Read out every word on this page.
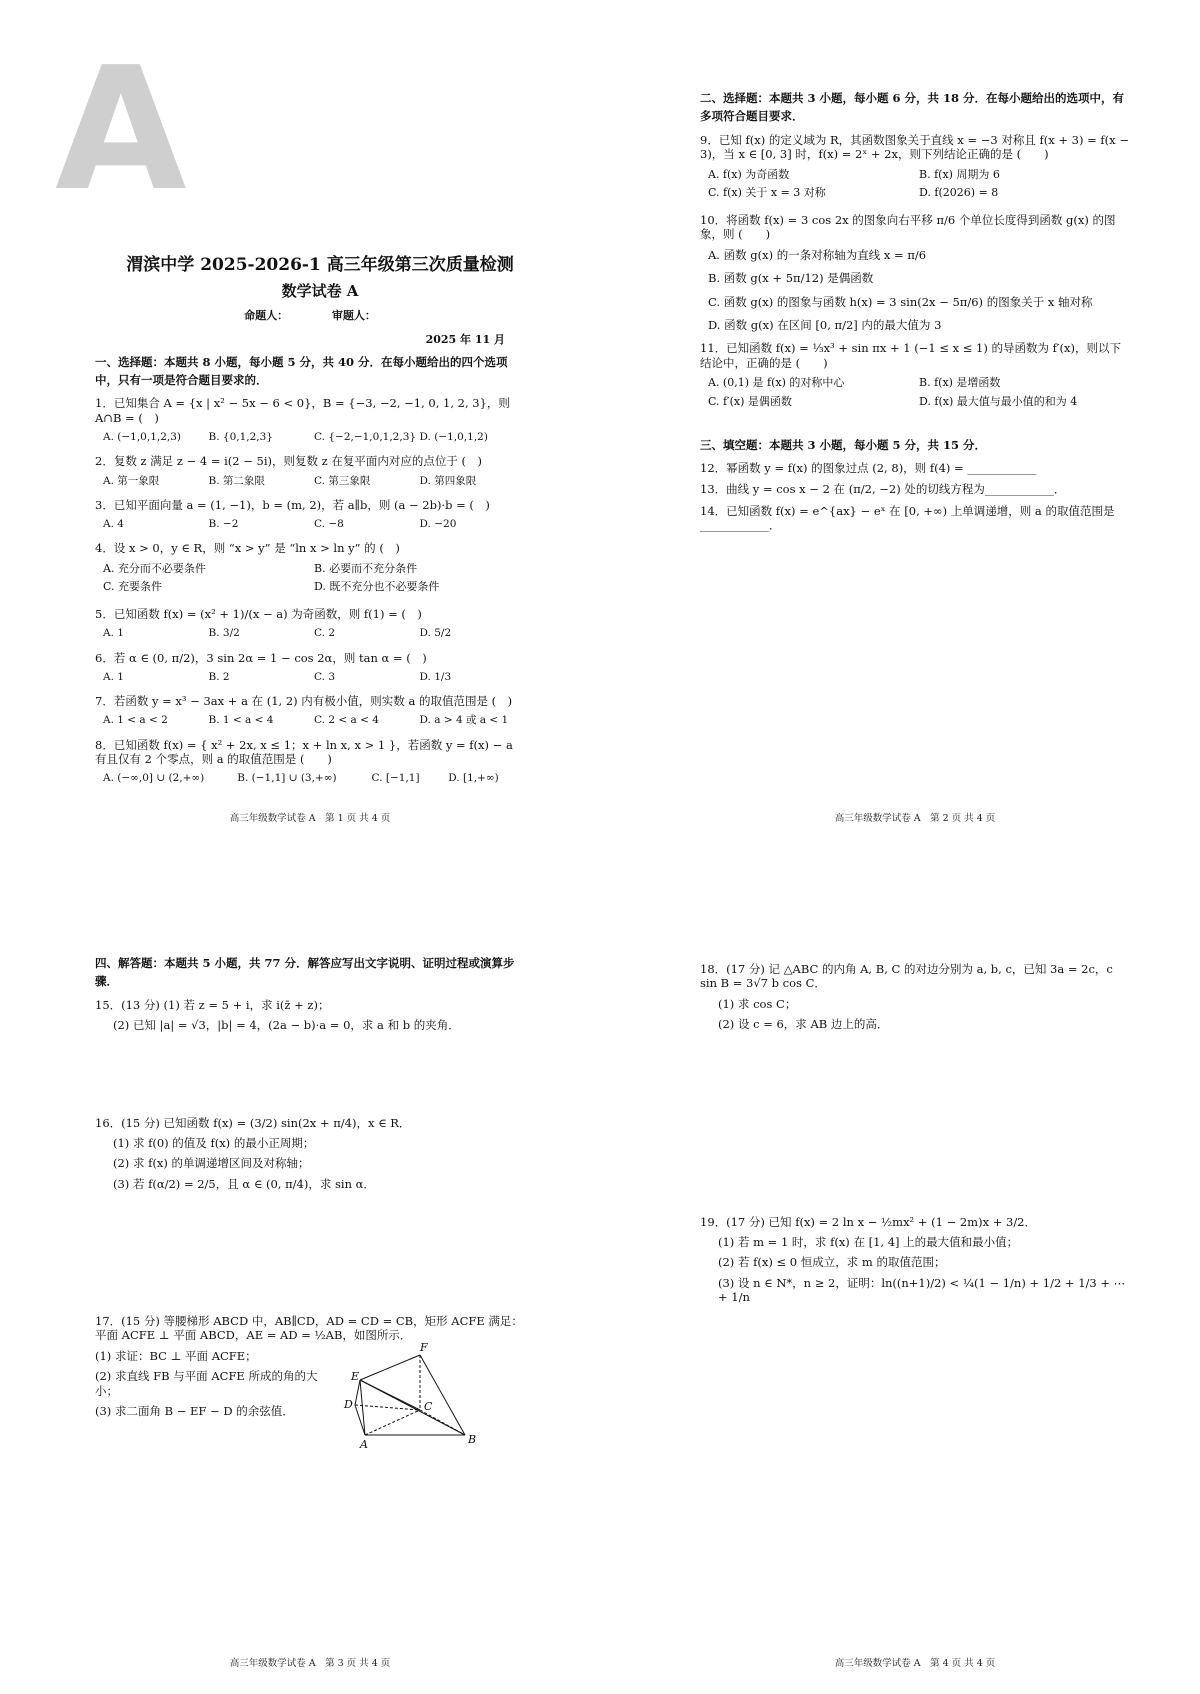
A
渭滨中学 2025-2026-1 高三年级第三次质量检测
数学试卷 A
命题人： 审题人：
2025 年 11 月
一、选择题：本题共 8 小题，每小题 5 分，共 40 分．在每小题给出的四个选项中，只有一项是符合题目要求的．
1．已知集合 A = {x | x² − 5x − 6 < 0}，B = {−3, −2, −1, 0, 1, 2, 3}，则 A∩B = (　)
A. (−1,0,1,2,3)	B. {0,1,2,3}	C. {−2,−1,0,1,2,3} D. (−1,0,1,2)
2．复数 z 满足 z − 4 = i(2 − 5i)，则复数 z 在复平面内对应的点位于 (　)
A. 第一象限	B. 第二象限	C. 第三象限	D. 第四象限
3．已知平面向量 a = (1, −1)，b = (m, 2)，若 a∥b，则 (a − 2b)·b = (　)
A. 4	B. −2	C. −8	D. −20
4．设 x > 0，y ∈ R，则 “x > y” 是 “ln x > ln y” 的 (　)
A. 充分而不必要条件	B. 必要而不充分条件
C. 充要条件	D. 既不充分也不必要条件
5．已知函数 f(x) = (x² + 1)/(x − a) 为奇函数，则 f(1) = (　)
A. 1	B. 3/2	C. 2	D. 5/2
6．若 α ∈ (0, π/2)，3 sin 2α = 1 − cos 2α，则 tan α = (　)
A. 1	B. 2	C. 3	D. 1/3
7．若函数 y = x³ − 3ax + a 在 (1, 2) 内有极小值，则实数 a 的取值范围是 (　)
A. 1 < a < 2	B. 1 < a < 4	C. 2 < a < 4	D. a > 4 或 a < 1
8．已知函数 f(x) = { x² + 2x, x ≤ 1；x + ln x, x > 1 }，若函数 y = f(x) − a 有且仅有 2 个零点，则 a 的取值范围是 (　　)
A. (−∞,0] ∪ (2,+∞)	B. (−1,1] ∪ (3,+∞)	C. [−1,1]	D. [1,+∞)
高三年级数学试卷 A　第 1 页 共 4 页
二、选择题：本题共 3 小题，每小题 6 分，共 18 分．在每小题给出的选项中，有多项符合题目要求．
9．已知 f(x) 的定义域为 R，其函数图象关于直线 x = −3 对称且 f(x + 3) = f(x − 3)，当 x ∈ [0, 3] 时，f(x) = 2ˣ + 2x，则下列结论正确的是 (　　)
A. f(x) 为奇函数	B. f(x) 周期为 6
C. f(x) 关于 x = 3 对称	D. f(2026) = 8
10．将函数 f(x) = 3 cos 2x 的图象向右平移 π/6 个单位长度得到函数 g(x) 的图象，则 (　　)
A. 函数 g(x) 的一条对称轴为直线 x = π/6
B. 函数 g(x + 5π/12) 是偶函数
C. 函数 g(x) 的图象与函数 h(x) = 3 sin(2x − 5π/6) 的图象关于 x 轴对称
D. 函数 g(x) 在区间 [0, π/2] 内的最大值为 3
11．已知函数 f(x) = ⅓x³ + sin πx + 1 (−1 ≤ x ≤ 1) 的导函数为 f′(x)，则以下结论中，正确的是 (　　)
A. (0,1) 是 f(x) 的对称中心	B. f(x) 是增函数
C. f′(x) 是偶函数	D. f(x) 最大值与最小值的和为 4
三、填空题：本题共 3 小题，每小题 5 分，共 15 分．
12．幂函数 y = f(x) 的图象过点 (2, 8)，则 f(4) = ____________
13．曲线 y = cos x − 2 在 (π/2, −2) 处的切线方程为____________．
14．已知函数 f(x) = e^{ax} − eˣ 在 [0, +∞) 上单调递增，则 a 的取值范围是____________．
高三年级数学试卷 A　第 2 页 共 4 页
四、解答题：本题共 5 小题，共 77 分．解答应写出文字说明、证明过程或演算步骤．
15．(13 分) (1) 若 z = 5 + i，求 i(z̄ + z)；
(2) 已知 |a| = √3，|b| = 4，(2a − b)·a = 0，求 a 和 b 的夹角．
16．(15 分) 已知函数 f(x) = (3/2) sin(2x + π/4)，x ∈ R．
(1) 求 f(0) 的值及 f(x) 的最小正周期；
(2) 求 f(x) 的单调递增区间及对称轴；
(3) 若 f(α/2) = 2/5，且 α ∈ (0, π/4)，求 sin α．
17．(15 分) 等腰梯形 ABCD 中，AB∥CD，AD = CD = CB，矩形 ACFE 满足：平面 ACFE ⊥ 平面 ABCD，AE = AD = ½AB，如图所示．
(1) 求证：BC ⊥ 平面 ACFE；
(2) 求直线 FB 与平面 ACFE 所成的角的大小；
(3) 求二面角 B − EF − D 的余弦值．
E
F
D	C
A	B
高三年级数学试卷 A　第 3 页 共 4 页
18．(17 分) 记 △ABC 的内角 A, B, C 的对边分别为 a, b, c，已知 3a = 2c，c sin B = 3√7 b cos C．
(1) 求 cos C；
(2) 设 c = 6，求 AB 边上的高．
19．(17 分) 已知 f(x) = 2 ln x − ½mx² + (1 − 2m)x + 3/2．
(1) 若 m = 1 时，求 f(x) 在 [1, 4] 上的最大值和最小值；
(2) 若 f(x) ≤ 0 恒成立，求 m 的取值范围；
(3) 设 n ∈ N*，n ≥ 2，证明：ln((n+1)/2) < ¼(1 − 1/n) + 1/2 + 1/3 + ⋯ + 1/n
高三年级数学试卷 A　第 4 页 共 4 页
